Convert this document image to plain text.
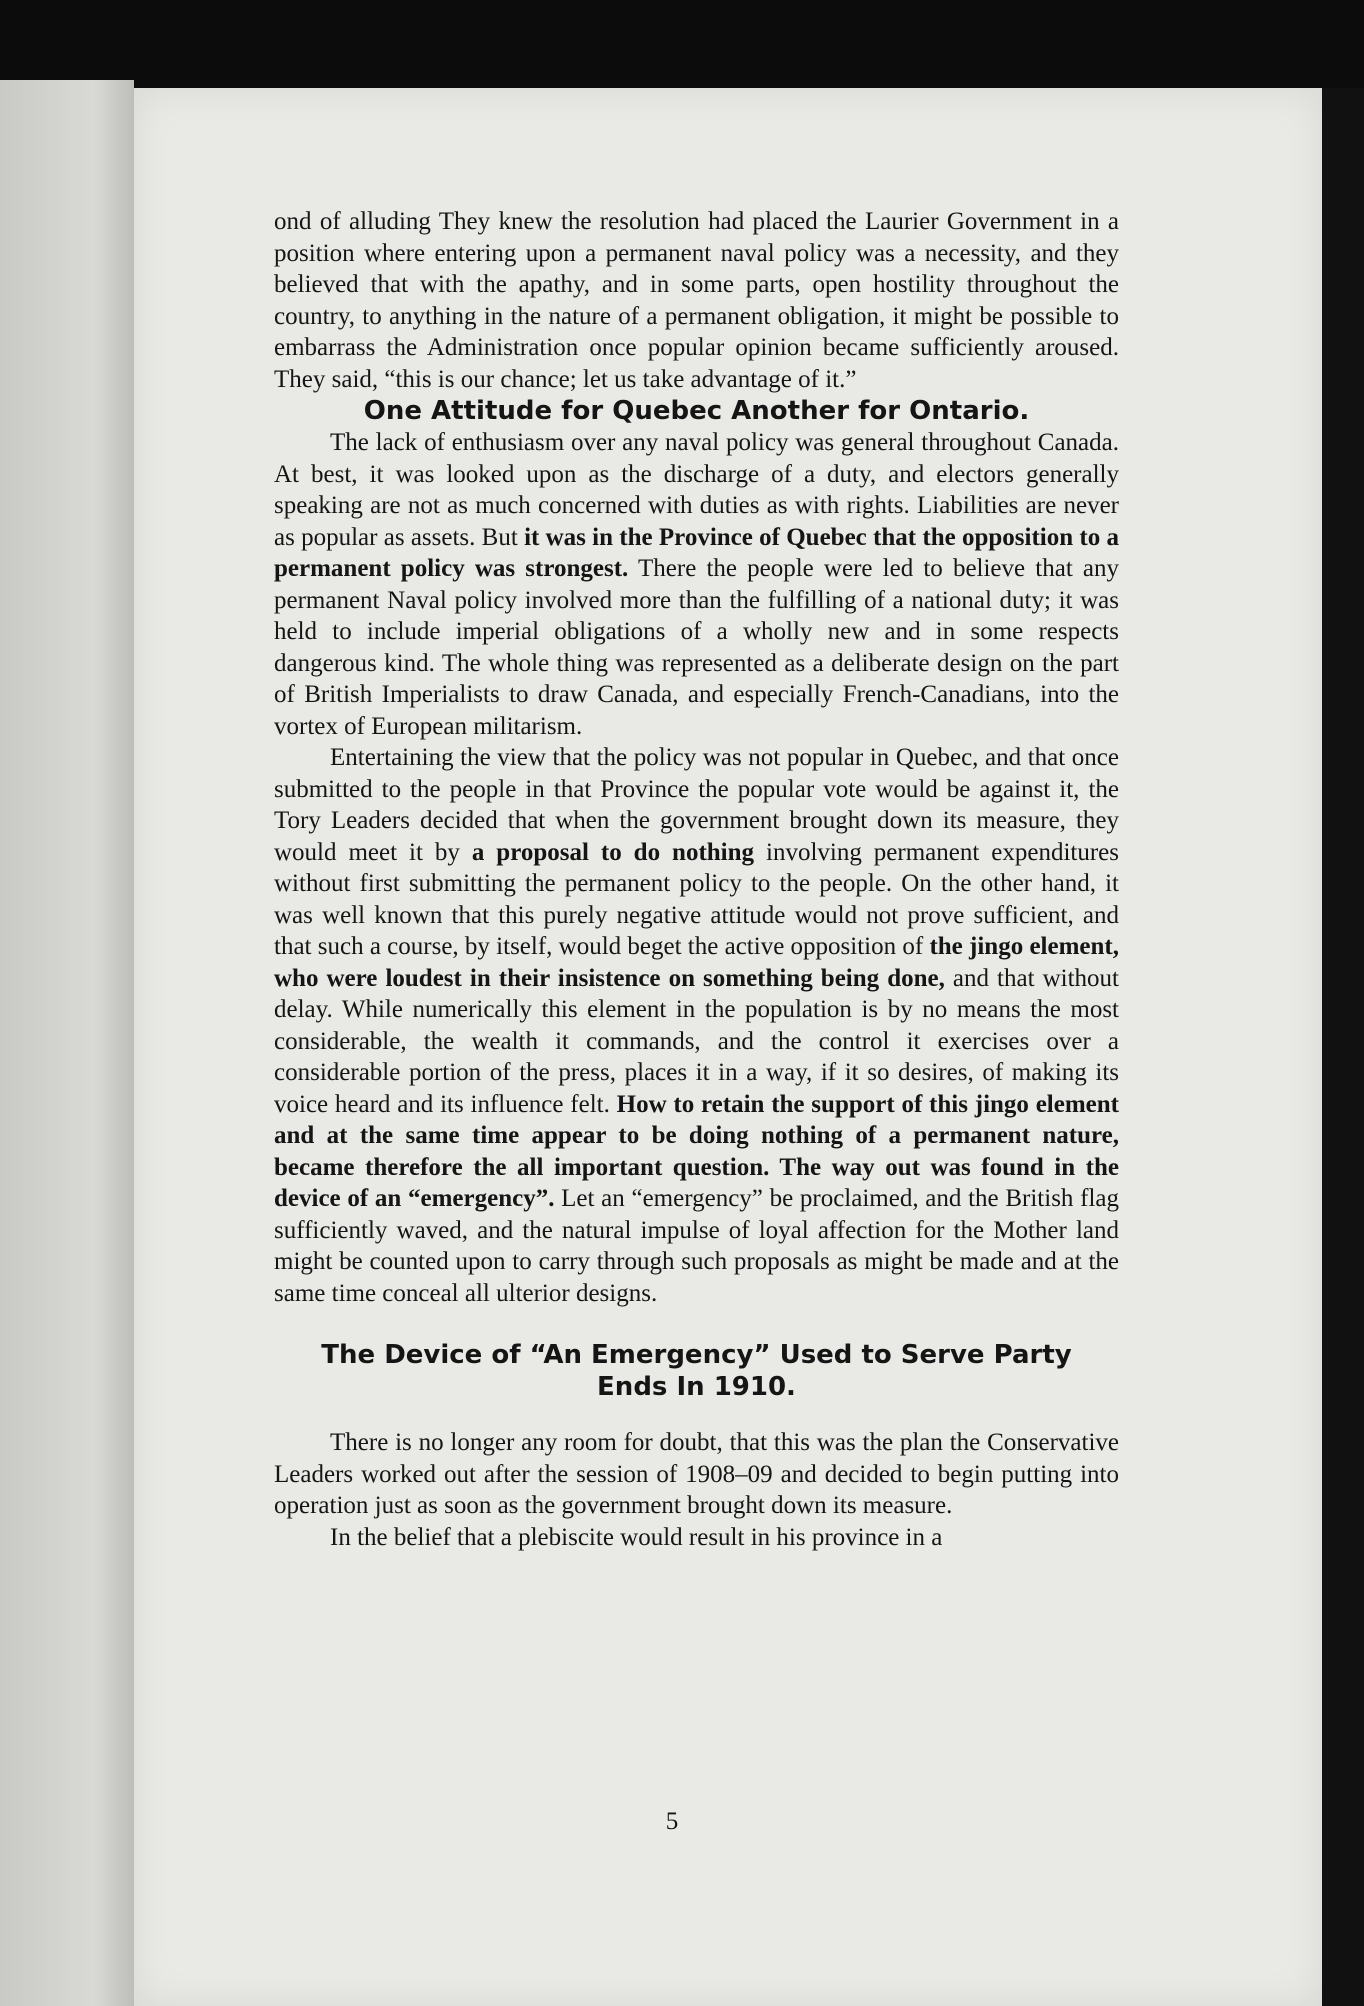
ond of alluding They knew the resolution had placed the Laurier Government in a position where entering upon a permanent naval policy was a necessity, and they believed that with the apathy, and in some parts, open hostility throughout the country, to anything in the nature of a permanent obligation, it might be possible to embarrass the Administration once popular opinion became sufficiently aroused. They said, “this is our chance; let us take advantage of it.”

One Attitude for Quebec Another for Ontario.

The lack of enthusiasm over any naval policy was general throughout Canada. At best, it was looked upon as the discharge of a duty, and electors generally speaking are not as much concerned with duties as with rights. Liabilities are never as popular as assets. But it was in the Province of Quebec that the opposition to a permanent policy was strongest. There the people were led to believe that any permanent Naval policy involved more than the fulfilling of a national duty; it was held to include imperial obligations of a wholly new and in some respects dangerous kind. The whole thing was represented as a deliberate design on the part of British Imperialists to draw Canada, and especially French-Canadians, into the vortex of European militarism.

Entertaining the view that the policy was not popular in Quebec, and that once submitted to the people in that Province the popular vote would be against it, the Tory Leaders decided that when the government brought down its measure, they would meet it by a proposal to do nothing involving permanent expenditures without first submitting the permanent policy to the people. On the other hand, it was well known that this purely negative attitude would not prove sufficient, and that such a course, by itself, would beget the active opposition of the jingo element, who were loudest in their insistence on something being done, and that without delay. While numerically this element in the population is by no means the most considerable, the wealth it commands, and the control it exercises over a considerable portion of the press, places it in a way, if it so desires, of making its voice heard and its influence felt. How to retain the support of this jingo element and at the same time appear to be doing nothing of a permanent nature, became therefore the all important question. The way out was found in the device of an “emergency”. Let an “emergency” be proclaimed, and the British flag sufficiently waved, and the natural impulse of loyal affection for the Mother land might be counted upon to carry through such proposals as might be made and at the same time conceal all ulterior designs.

The Device of “An Emergency” Used to Serve Party
Ends In 1910.

There is no longer any room for doubt, that this was the plan the Conservative Leaders worked out after the session of 1908–09 and decided to begin putting into operation just as soon as the government brought down its measure.

In the belief that a plebiscite would result in his province in a

5
